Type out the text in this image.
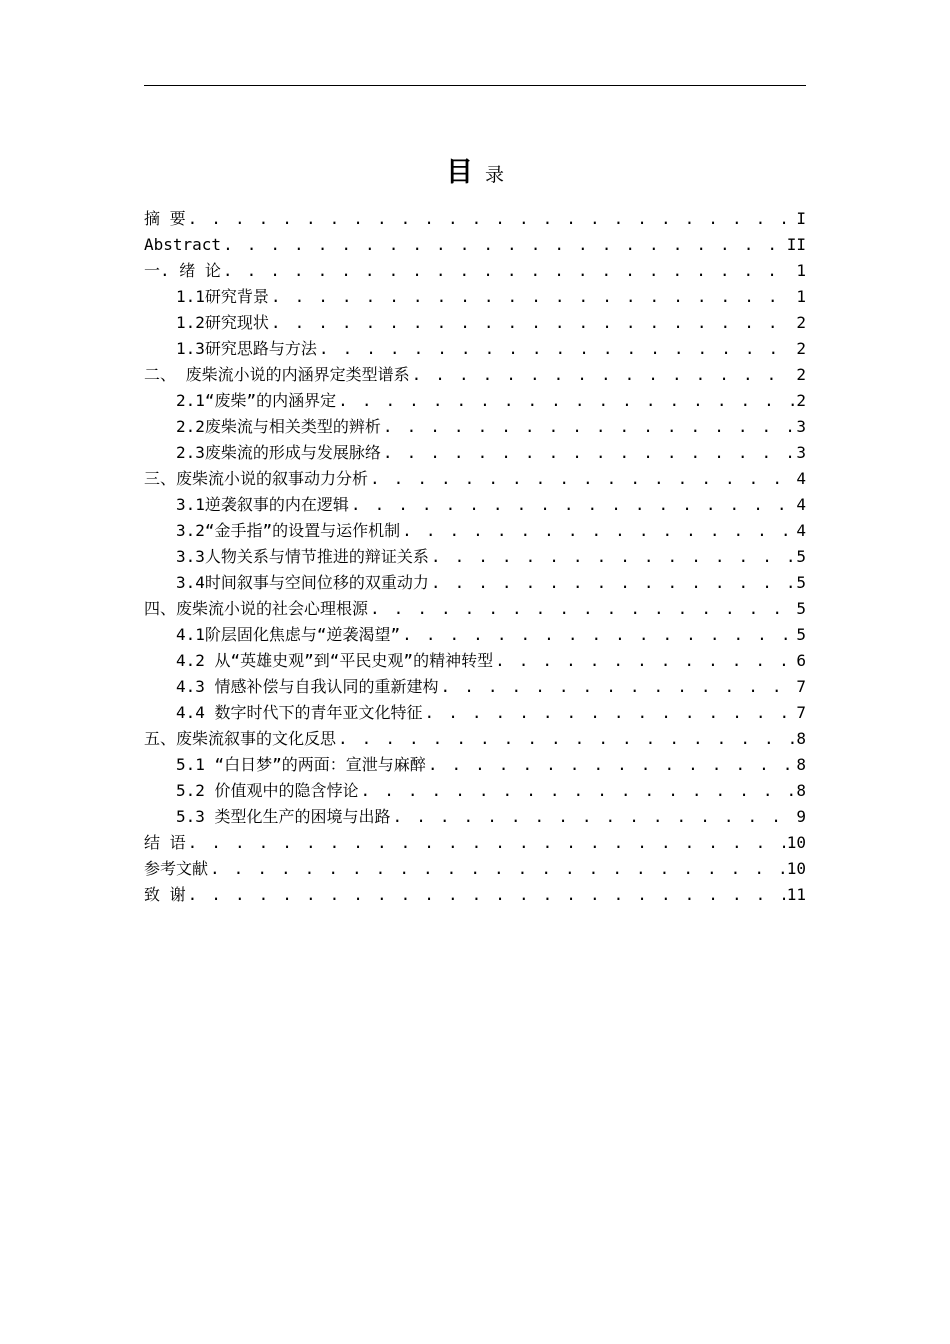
目 录
摘 要 . . .	I
Abstract . . .	II
一. 绪 论 . . .	1
1.1研究背景 . . .	1
1.2研究现状 . . .	2
1.3研究思路与方法 . . .	2
二、 废柴流小说的内涵界定类型谱系 . . .	2
2.1“废柴”的内涵界定 . . .	2
2.2废柴流与相关类型的辨析 . . .	3
2.3废柴流的形成与发展脉络 . . .	3
三、废柴流小说的叙事动力分析 . . .	4
3.1逆袭叙事的内在逻辑 . . .	4
3.2“金手指”的设置与运作机制 . . .	4
3.3人物关系与情节推进的辩证关系 . . .	5
3.4时间叙事与空间位移的双重动力 . . .	5
四、废柴流小说的社会心理根源 . . .	5
4.1阶层固化焦虑与“逆袭渴望” . . .	5
4.2 从“英雄史观”到“平民史观”的精神转型 . . .	6
4.3 情感补偿与自我认同的重新建构 . . .	7
4.4 数字时代下的青年亚文化特征 . . .	7
五、废柴流叙事的文化反思 . . .	8
5.1 “白日梦”的两面：宣泄与麻醉 . . .	8
5.2 价值观中的隐含悖论 . . .	8
5.3 类型化生产的困境与出路 . . .	9
结 语 . . .	10
参考文献 . . .	10
致 谢 . . .	11
